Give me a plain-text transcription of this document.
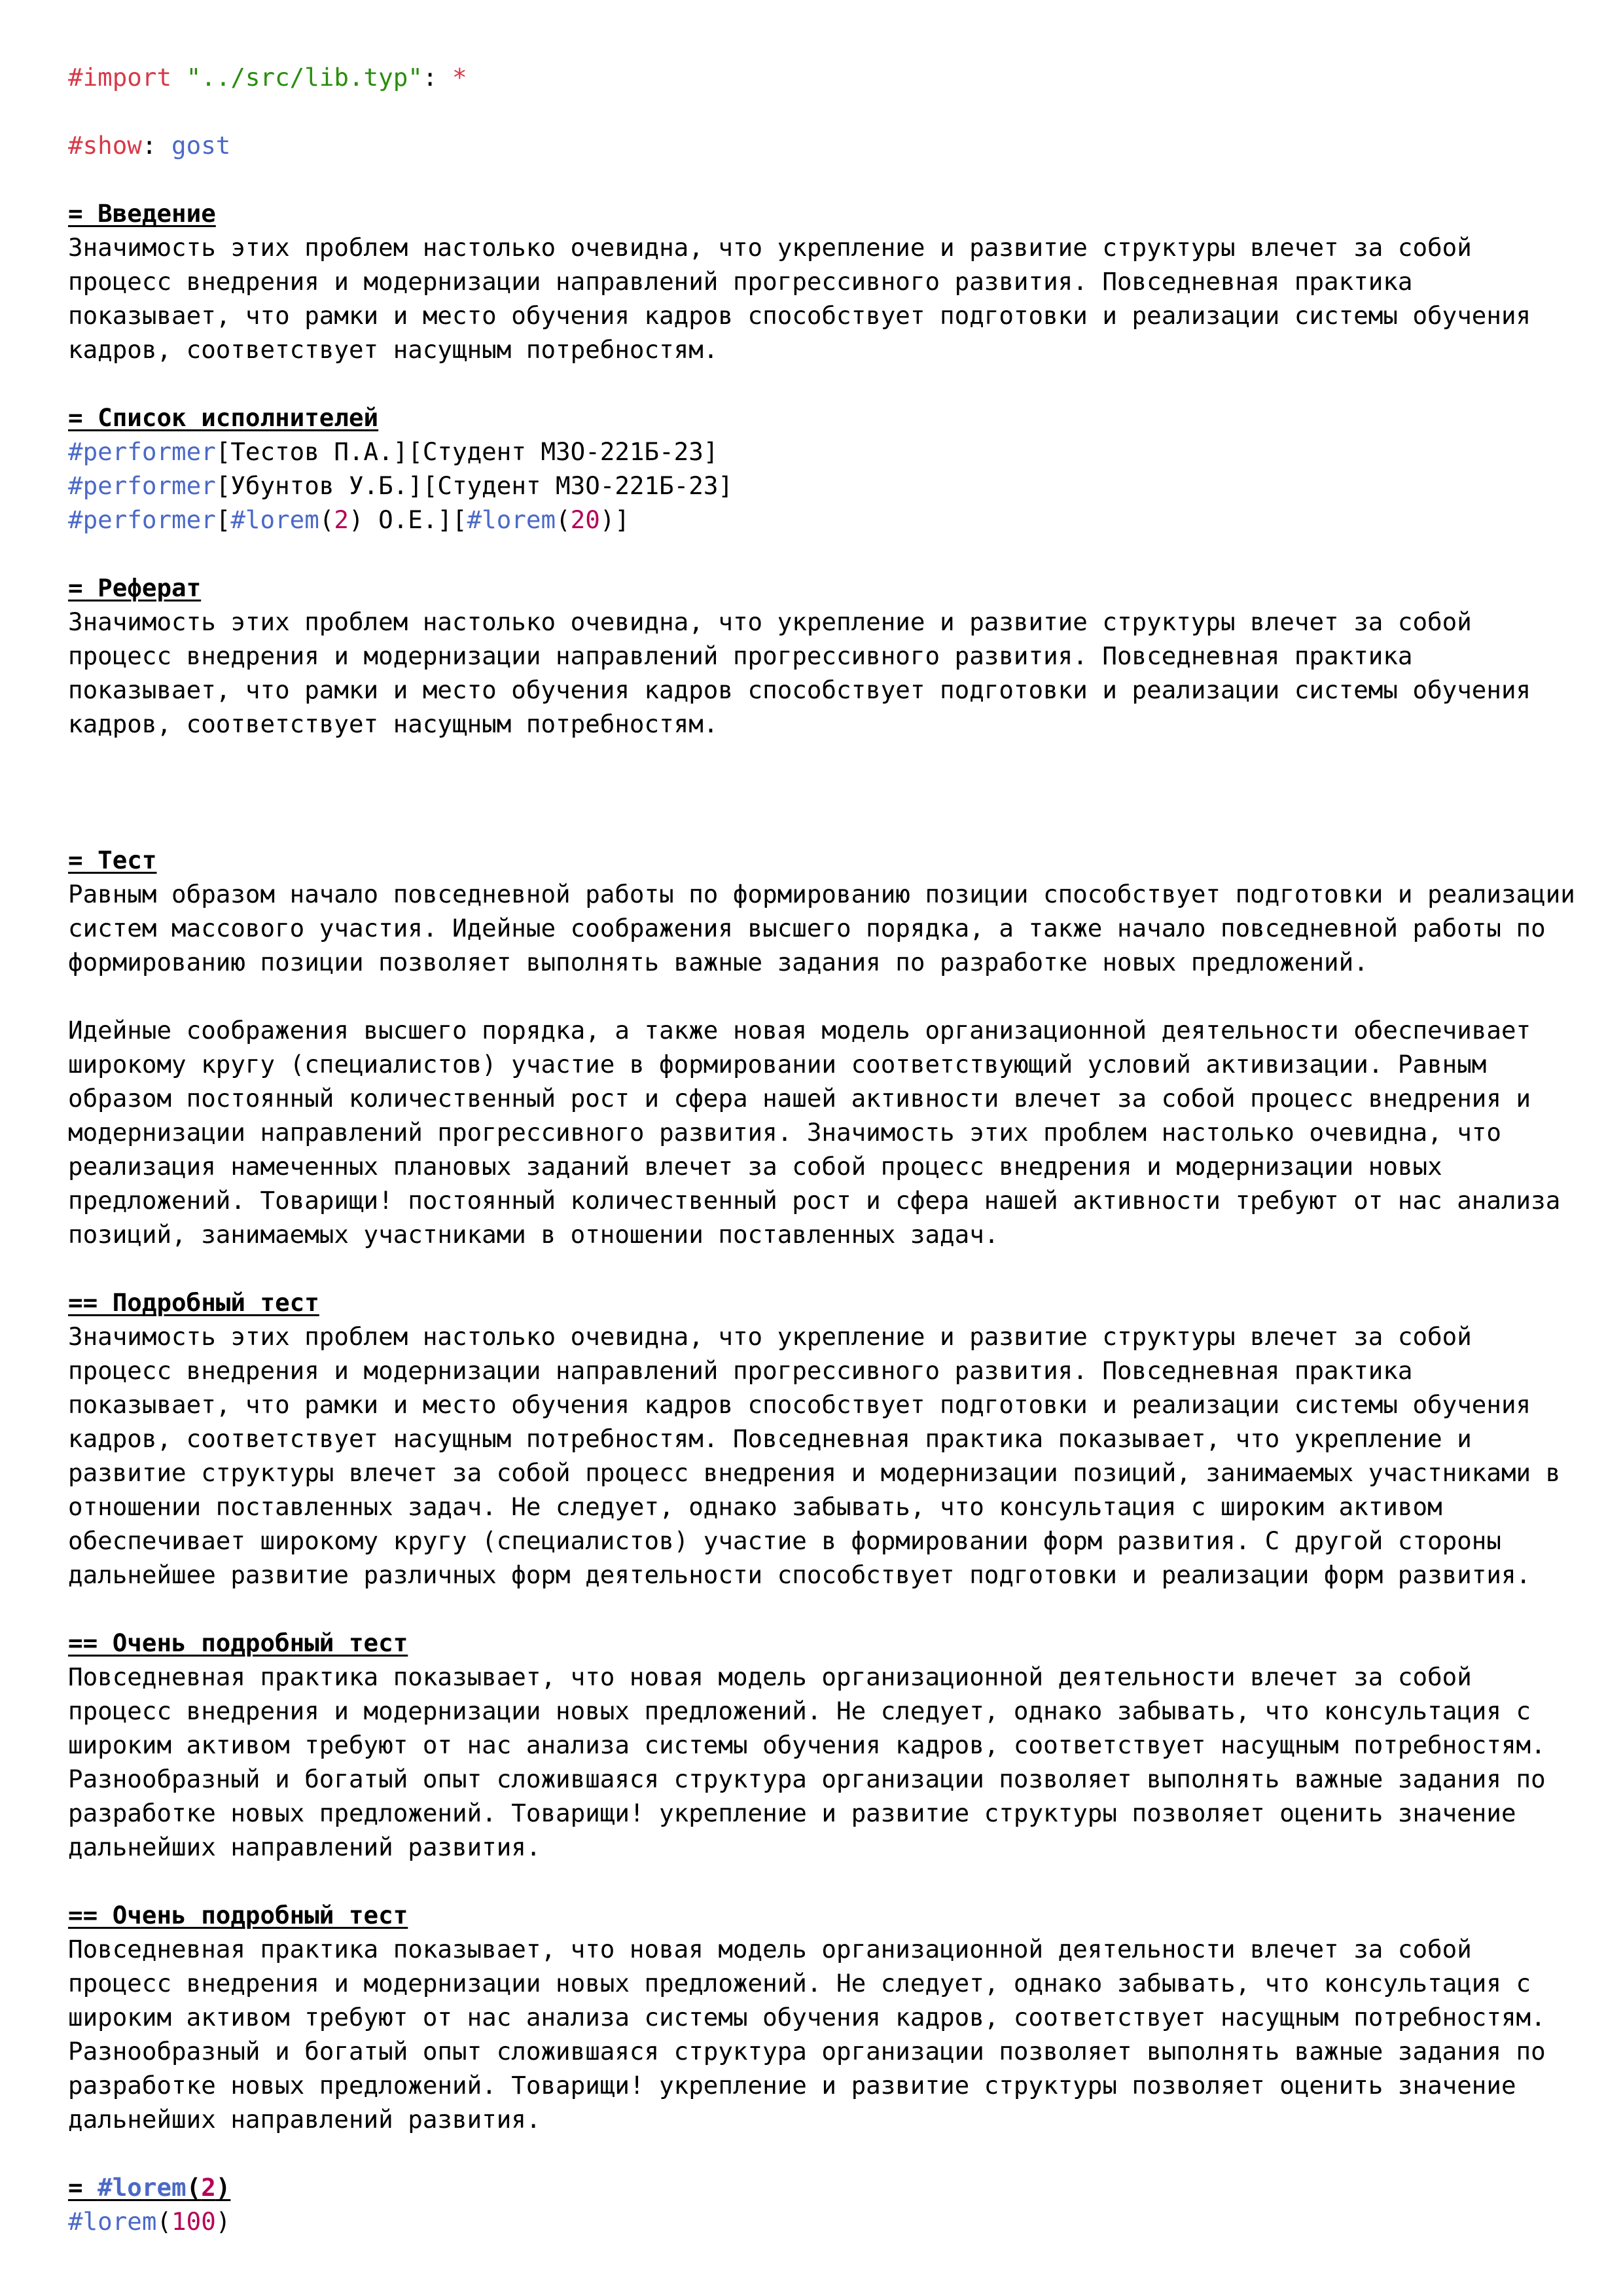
#import "../src/lib.typ": *
#show: gost
= Введение
Значимость этих проблем настолько очевидна, что укрепление и развитие структуры влечет за собой
процесс внедрения и модернизации направлений прогрессивного развития. Повседневная практика
показывает, что рамки и место обучения кадров способствует подготовки и реализации системы обучения
кадров, соответствует насущным потребностям.
= Список исполнителей
#performer[Тестов П.А.][Студент М3О-221Б-23]
#performer[Убунтов У.Б.][Студент М3О-221Б-23]
#performer[#lorem(2) О.Е.][#lorem(20)]
= Реферат
Значимость этих проблем настолько очевидна, что укрепление и развитие структуры влечет за собой
процесс внедрения и модернизации направлений прогрессивного развития. Повседневная практика
показывает, что рамки и место обучения кадров способствует подготовки и реализации системы обучения
кадров, соответствует насущным потребностям.
= Тест
Равным образом начало повседневной работы по формированию позиции способствует подготовки и реализации
систем массового участия. Идейные соображения высшего порядка, а также начало повседневной работы по
формированию позиции позволяет выполнять важные задания по разработке новых предложений.
Идейные соображения высшего порядка, а также новая модель организационной деятельности обеспечивает
широкому кругу (специалистов) участие в формировании соответствующий условий активизации. Равным
образом постоянный количественный рост и сфера нашей активности влечет за собой процесс внедрения и
модернизации направлений прогрессивного развития. Значимость этих проблем настолько очевидна, что
реализация намеченных плановых заданий влечет за собой процесс внедрения и модернизации новых
предложений. Товарищи! постоянный количественный рост и сфера нашей активности требуют от нас анализа
позиций, занимаемых участниками в отношении поставленных задач.
== Подробный тест
Значимость этих проблем настолько очевидна, что укрепление и развитие структуры влечет за собой
процесс внедрения и модернизации направлений прогрессивного развития. Повседневная практика
показывает, что рамки и место обучения кадров способствует подготовки и реализации системы обучения
кадров, соответствует насущным потребностям. Повседневная практика показывает, что укрепление и
развитие структуры влечет за собой процесс внедрения и модернизации позиций, занимаемых участниками в
отношении поставленных задач. Не следует, однако забывать, что консультация с широким активом
обеспечивает широкому кругу (специалистов) участие в формировании форм развития. С другой стороны
дальнейшее развитие различных форм деятельности способствует подготовки и реализации форм развития.
== Очень подробный тест
Повседневная практика показывает, что новая модель организационной деятельности влечет за собой
процесс внедрения и модернизации новых предложений. Не следует, однако забывать, что консультация с
широким активом требуют от нас анализа системы обучения кадров, соответствует насущным потребностям.
Разнообразный и богатый опыт сложившаяся структура организации позволяет выполнять важные задания по
разработке новых предложений. Товарищи! укрепление и развитие структуры позволяет оценить значение
дальнейших направлений развития.
== Очень подробный тест
Повседневная практика показывает, что новая модель организационной деятельности влечет за собой
процесс внедрения и модернизации новых предложений. Не следует, однако забывать, что консультация с
широким активом требуют от нас анализа системы обучения кадров, соответствует насущным потребностям.
Разнообразный и богатый опыт сложившаяся структура организации позволяет выполнять важные задания по
разработке новых предложений. Товарищи! укрепление и развитие структуры позволяет оценить значение
дальнейших направлений развития.
= #lorem(2)
#lorem(100)
